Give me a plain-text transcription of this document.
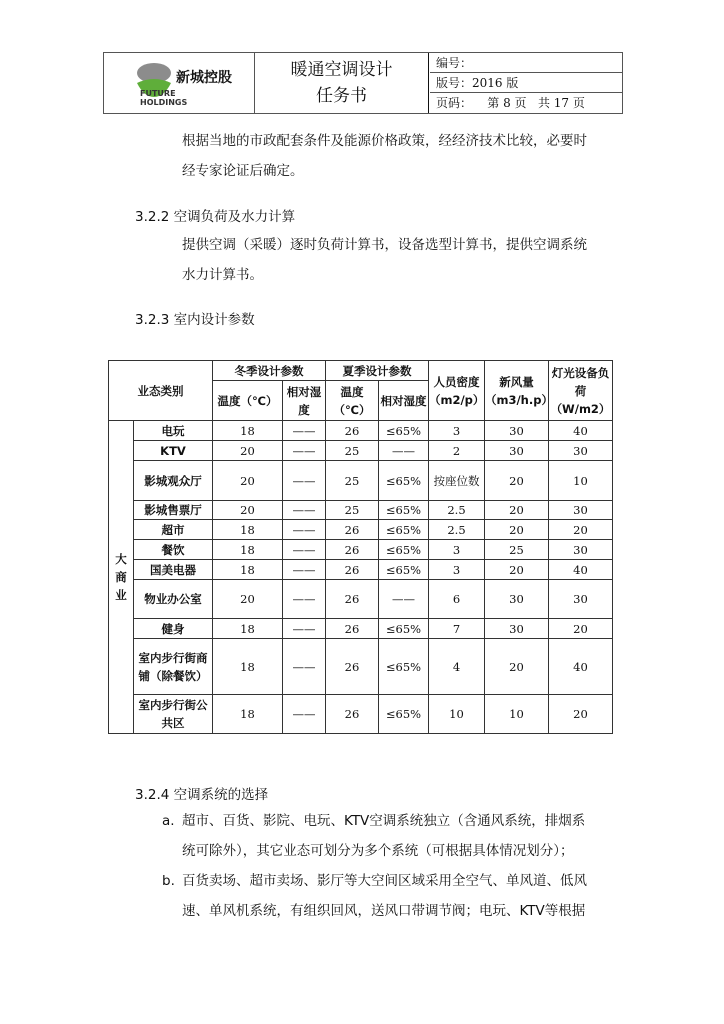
新城控股
FUTURE
HOLDINGS
暖通空调设计
任务书
编号：
版号：2016 版
页码：    第 8 页   共 17 页
根据当地的市政配套条件及能源价格政策，经经济技术比较，必要时
经专家论证后确定。
3.2.2 空调负荷及水力计算
提供空调（采暖）逐时负荷计算书，设备选型计算书，提供空调系统
水力计算书。
3.2.3 室内设计参数
业态类别		冬季设计参数		夏季设计参数		人员密度（m2/p）	新风量（m3/h.p）	灯光设备负荷（W/m2）
		温度（℃）	相对湿度	温度（℃）	相对湿度			
大商业	电玩	18	——	26	≤65%	3	30	40
	KTV	20	——	25	——	2	30	30
	影城观众厅	20	——	25	≤65%	按座位数	20	10
	影城售票厅	20	——	25	≤65%	2.5	20	30
	超市	18	——	26	≤65%	2.5	20	20
	餐饮	18	——	26	≤65%	3	25	30
	国美电器	18	——	26	≤65%	3	20	40
	物业办公室	20	——	26	——	6	30	30
	健身	18	——	26	≤65%	7	30	20
	室内步行街商铺（除餐饮）	18	——	26	≤65%	4	20	40
	室内步行街公共区	18	——	26	≤65%	10	10	20
3.2.4 空调系统的选择
a. 超市、百货、影院、电玩、KTV空调系统独立（含通风系统，排烟系
统可除外），其它业态可划分为多个系统（可根据具体情况划分）；
b. 百货卖场、超市卖场、影厅等大空间区域采用全空气、单风道、低风
速、单风机系统，有组织回风，送风口带调节阀；电玩、KTV等根据
